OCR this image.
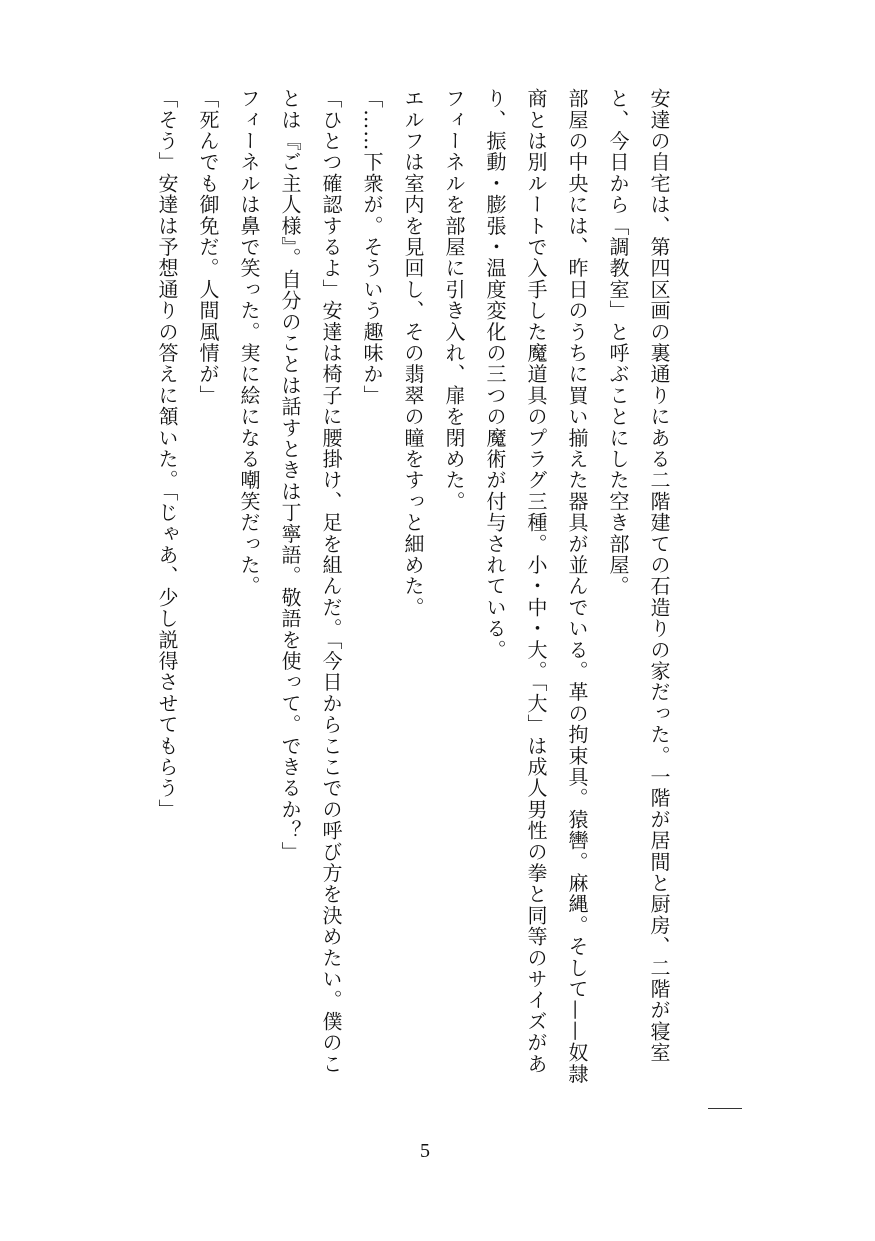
安達の自宅は、第四区画の裏通りにある二階建ての石造りの家だった。一階が居間と厨房、二階が寝室と、今日から「調教室」と呼ぶことにした空き部屋。

部屋の中央には、昨日のうちに買い揃えた器具が並んでいる。革の拘束具。猿轡。麻縄。そして——奴隷商とは別ルートで入手した魔道具のプラグ三種。小・中・大。「大」は成人男性の拳と同等のサイズがあり、振動・膨張・温度変化の三つの魔術が付与されている。

フィーネルを部屋に引き入れ、扉を閉めた。

エルフは室内を見回し、その翡翠の瞳をすっと細めた。

「……下衆が。そういう趣味か」

「ひとつ確認するよ」安達は椅子に腰掛け、足を組んだ。「今日からここでの呼び方を決めたい。僕のことは『ご主人様』。自分のことは話すときは丁寧語。敬語を使って。できるか？」

フィーネルは鼻で笑った。実に絵になる嘲笑だった。

「死んでも御免だ。人間風情が」

「そう」安達は予想通りの答えに頷いた。「じゃあ、少し説得させてもらう」

5
